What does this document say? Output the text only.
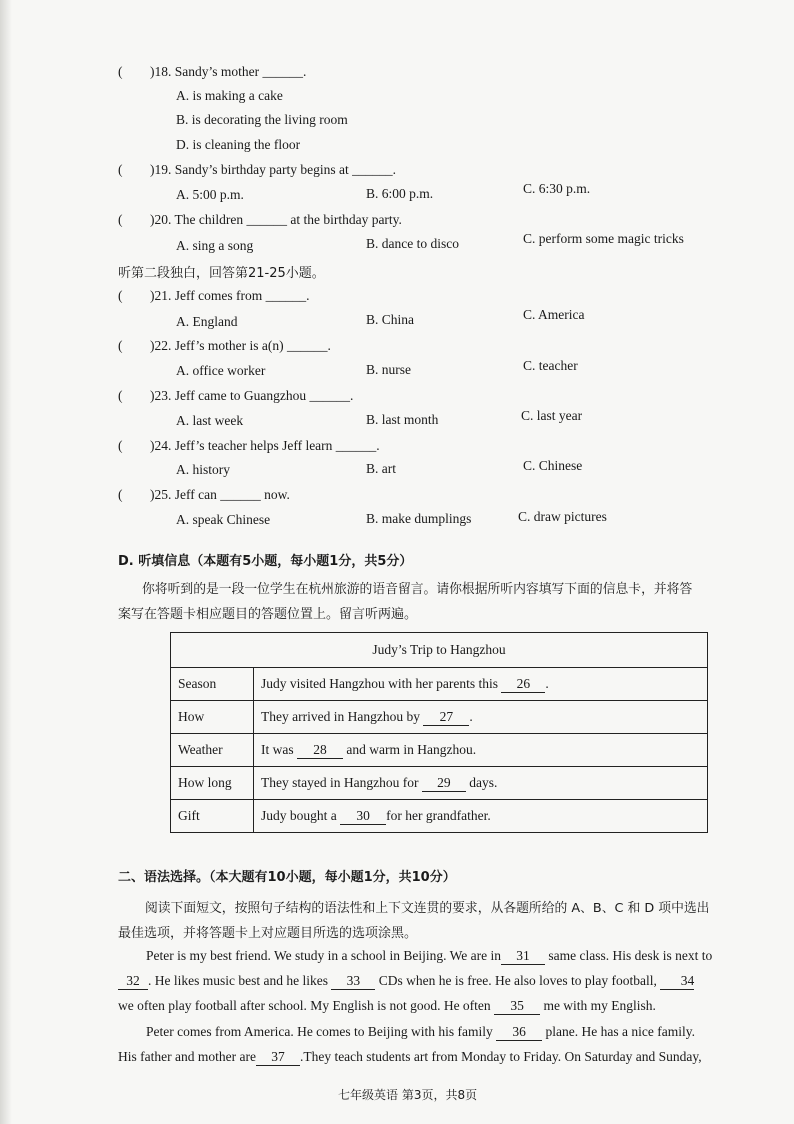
( )18. Sandy’s mother ______.
A. is making a cake
B. is decorating the living room
D. is cleaning the floor
( )19. Sandy’s birthday party begins at ______.
A. 5:00 p.m.	B. 6:00 p.m.	C. 6:30 p.m.
( )20. The children ______ at the birthday party.
A. sing a song	B. dance to disco	C. perform some magic tricks
听第二段独白，回答第21-25小题。
( )21. Jeff comes from ______.
A. England	B. China	C. America
( )22. Jeff’s mother is a(n) ______.
A. office worker	B. nurse	C. teacher
( )23. Jeff came to Guangzhou ______.
A. last week	B. last month	C. last year
( )24. Jeff’s teacher helps Jeff learn ______.
A. history	B. art	C. Chinese
( )25. Jeff can ______ now.
A. speak Chinese	B. make dumplings	C. draw pictures
D. 听填信息（本题有5小题，每小题1分，共5分）
你将听到的是一段一位学生在杭州旅游的语音留言。请你根据所听内容填写下面的信息卡，并将答
案写在答题卡相应题目的答题位置上。留言听两遍。
Judy’s Trip to Hangzhou	
Season	Judy visited Hangzhou with her parents this 26 .
How	They arrived in Hangzhou by 27 .
Weather	It was 28 and warm in Hangzhou.
How long	They stayed in Hangzhou for 29 days.
Gift	Judy bought a 30 for her grandfather.
二、语法选择。（本大题有10小题，每小题1分，共10分）
阅读下面短文，按照句子结构的语法性和上下文连贯的要求，从各题所给的 A、B、C 和 D 项中选出
最佳选项，并将答题卡上对应题目所选的选项涂黑。
Peter is my best friend. We study in a school in Beijing. We are in 31 same class. His desk is next to
32 . He likes music best and he likes 33 CDs when he is free. He also loves to play football, 34
we often play football after school. My English is not good. He often 35 me with my English.
Peter comes from America. He comes to Beijing with his family 36 plane. He has a nice family.
His father and mother are 37 .They teach students art from Monday to Friday. On Saturday and Sunday,
七年级英语 第3页，共8页
